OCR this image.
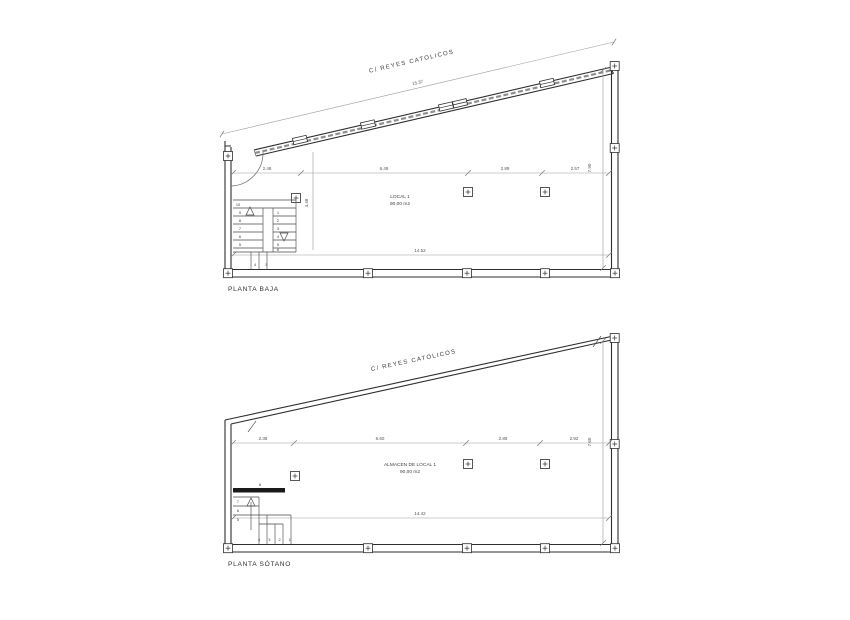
C/ REYES CATOLICOS
15.37
2.48	6.49	2.89	2.57 7.90
4.48
14.52
LOCAL 1
90,00 m2
10
9
8
7
6
5
1
2
3
4
5
6
4 3
PLANTA BAJA
C/ REYES CATOLICOS
2.38	6.60	2.89	2.92 7.60
14.42
ALMACEN DE LOCAL 1
90,00 m2
8
7
6
5
4 3 2 1
PLANTA SÓTANO
